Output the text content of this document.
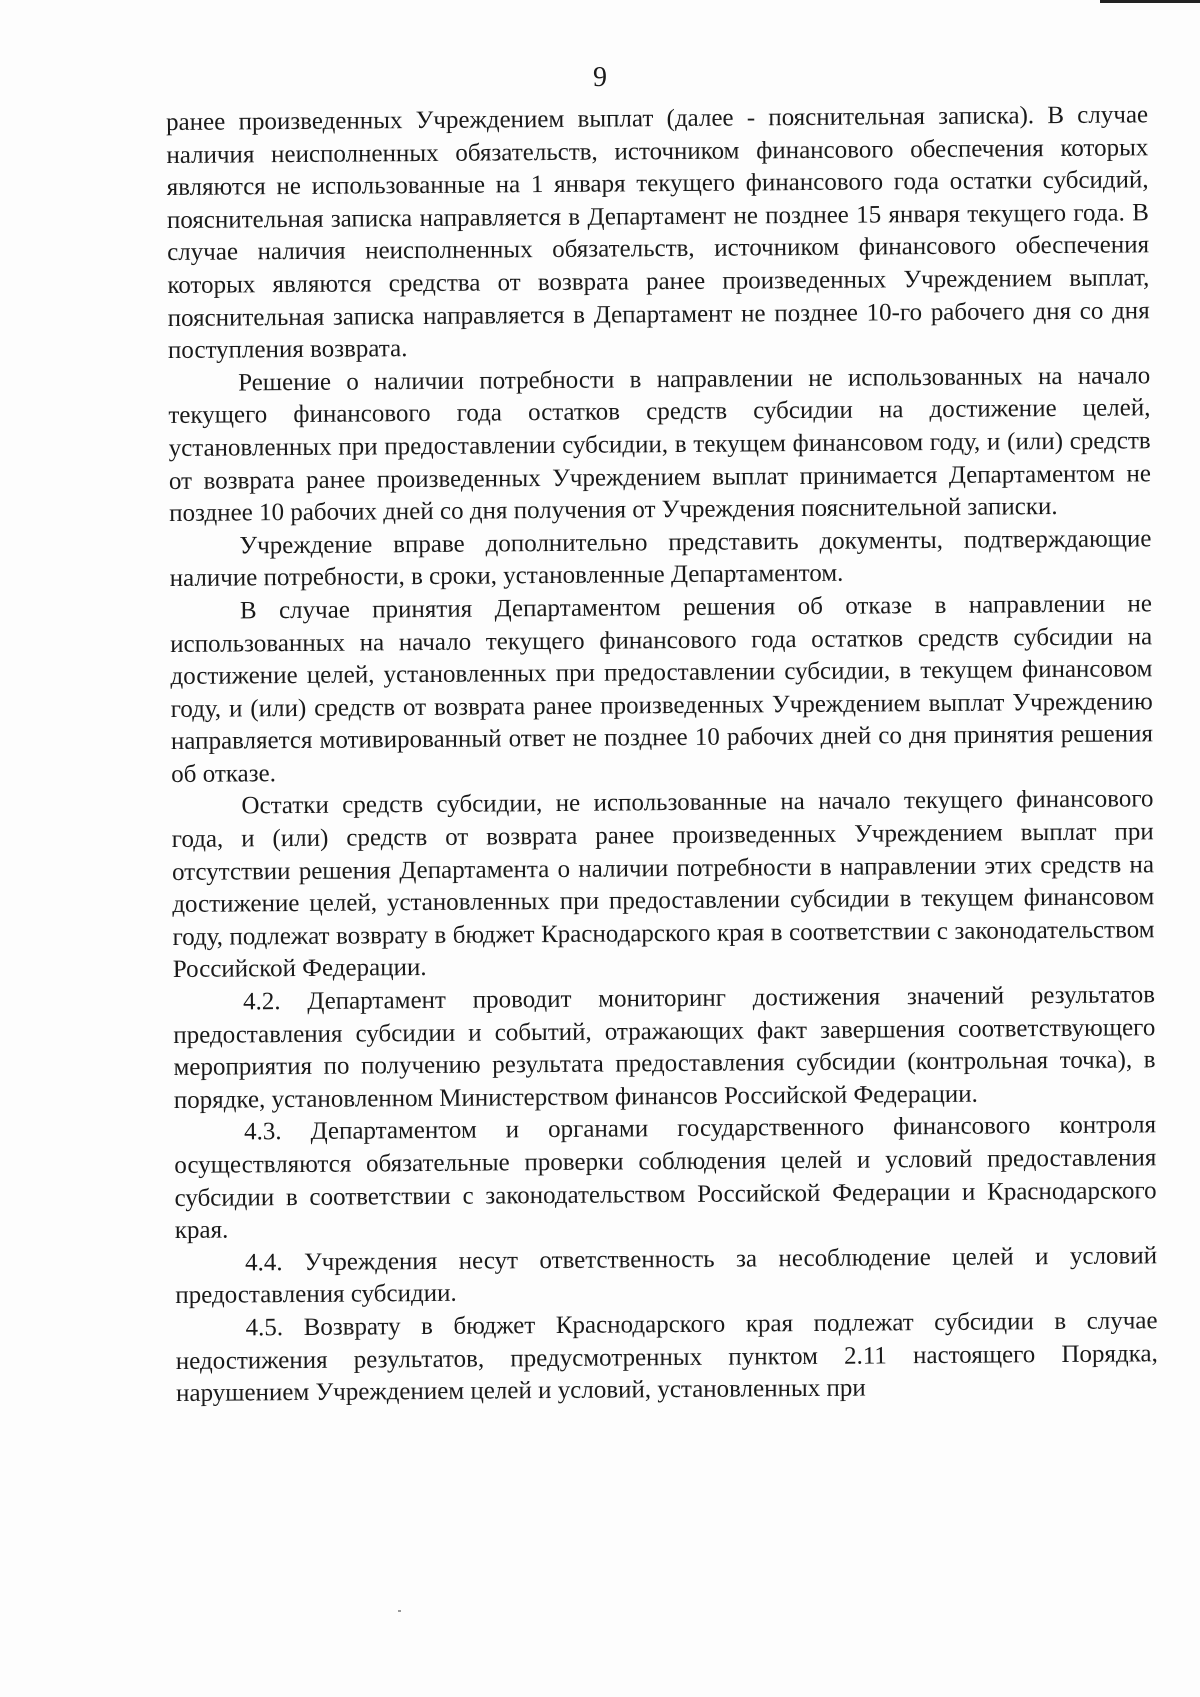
9

ранее произведенных Учреждением выплат (далее - пояснительная записка). В случае наличия неисполненных обязательств, источником финансового обеспечения которых являются не использованные на 1 января текущего финансового года остатки субсидий, пояснительная записка направляется в Департамент не позднее 15 января текущего года. В случае наличия неисполненных обязательств, источником финансового обеспечения которых являются средства от возврата ранее произведенных Учреждением выплат, пояснительная записка направляется в Департамент не позднее 10-го рабочего дня со дня поступления возврата.

Решение о наличии потребности в направлении не использованных на начало текущего финансового года остатков средств субсидии на достижение целей, установленных при предоставлении субсидии, в текущем финансовом году, и (или) средств от возврата ранее произведенных Учреждением выплат принимается Департаментом не позднее 10 рабочих дней со дня получения от Учреждения пояснительной записки.

Учреждение вправе дополнительно представить документы, подтверждающие наличие потребности, в сроки, установленные Департаментом.

В случае принятия Департаментом решения об отказе в направлении не использованных на начало текущего финансового года остатков средств субсидии на достижение целей, установленных при предоставлении субсидии, в текущем финансовом году, и (или) средств от возврата ранее произведенных Учреждением выплат Учреждению направляется мотивированный ответ не позднее 10 рабочих дней со дня принятия решения об отказе.

Остатки средств субсидии, не использованные на начало текущего финансового года, и (или) средств от возврата ранее произведенных Учреждением выплат при отсутствии решения Департамента о наличии потребности в направлении этих средств на достижение целей, установленных при предоставлении субсидии в текущем финансовом году, подлежат возврату в бюджет Краснодарского края в соответствии с законодательством Российской Федерации.

4.2. Департамент проводит мониторинг достижения значений результатов предоставления субсидии и событий, отражающих факт завершения соответствующего мероприятия по получению результата предоставления субсидии (контрольная точка), в порядке, установленном Министерством финансов Российской Федерации.

4.3. Департаментом и органами государственного финансового контроля осуществляются обязательные проверки соблюдения целей и условий предоставления субсидии в соответствии с законодательством Российской Федерации и Краснодарского края.

4.4. Учреждения несут ответственность за несоблюдение целей и условий предоставления субсидии.

4.5. Возврату в бюджет Краснодарского края подлежат субсидии в случае недостижения результатов, предусмотренных пунктом 2.11 настоящего Порядка, нарушением Учреждением целей и условий, установленных при
